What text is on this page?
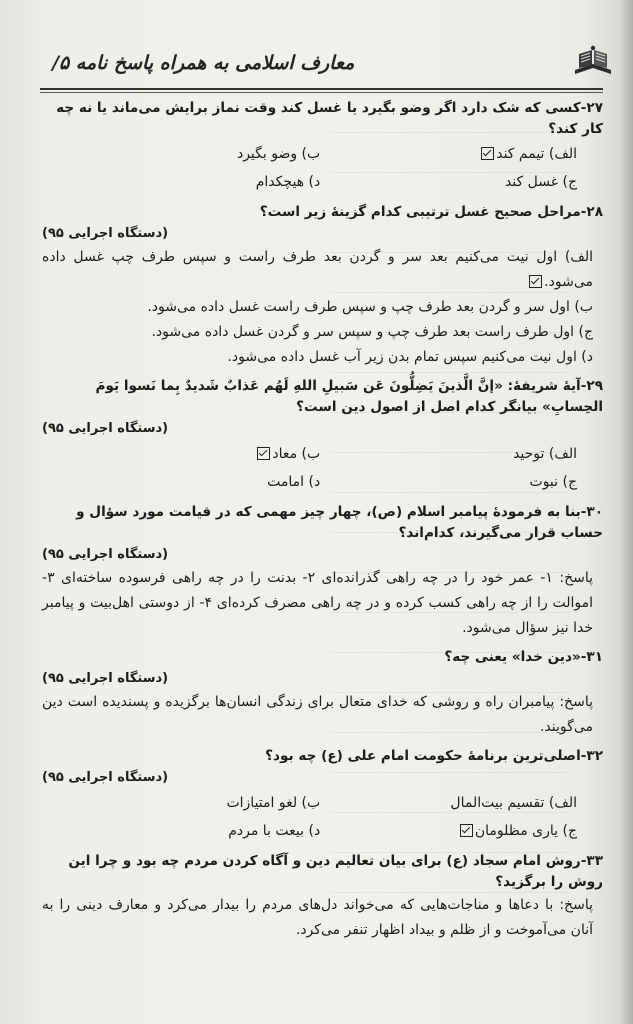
معارف اسلامی به همراه پاسخ نامه ۵/
۲۷-کسی که شک دارد اگر وضو بگیرد یا غسل کند وقت نماز برایش می‌ماند یا نه چه کار کند؟
الف) تیمم کند
ب) وضو بگیرد
ج) غسل کند
د) هیچکدام
۲۸-مراحل صحیح غسل ترتیبی کدام گزینهٔ زیر است؟
(دستگاه اجرایی ۹۵)
الف) اول نیت می‌کنیم بعد سر و گردن بعد طرف راست و سپس طرف چپ غسل داده می‌شود.
ب) اول سر و گردن بعد طرف چپ و سپس طرف راست غسل داده می‌شود.
ج) اول طرف راست بعد طرف چپ و سپس سر و گردن غسل داده می‌شود.
د) اول نیت می‌کنیم سپس تمام بدن زیر آب غسل داده می‌شود.
۲۹-آیهٔ شریفهٔ: «إنَّ الَّذینَ یَضِلُّونَ عَن سَبیلِ اللهِ لَهُم عَذابٌ شَدیدٌ بِما نَسوا یَومَ الحِسابِ» بیانگر کدام اصل از اصول دین است؟
(دستگاه اجرایی ۹۵)
الف) توحید
ب) معاد
ج) نبوت
د) امامت
۳۰-بنا به فرمودهٔ پیامبر اسلام (ص)، چهار چیز مهمی که در قیامت مورد سؤال و حساب قرار می‌گیرند، کدام‌اند؟
(دستگاه اجرایی ۹۵)
پاسخ: ۱- عمر خود را در چه راهی گذرانده‌ای ۲- بدنت را در چه راهی فرسوده ساخته‌ای ۳- اموالت را از چه راهی کسب کرده و در چه راهی مصرف کرده‌ای ۴- از دوستی اهل‌بیت و پیامبر خدا نیز سؤال می‌شود.
۳۱-«دین خدا» یعنی چه؟
(دستگاه اجرایی ۹۵)
پاسخ: پیامبران راه و روشی که خدای متعال برای زندگی انسان‌ها برگزیده و پسندیده است دین می‌گویند.
۳۲-اصلی‌ترین برنامهٔ حکومت امام علی (ع) چه بود؟
(دستگاه اجرایی ۹۵)
الف) تقسیم بیت‌المال
ب) لغو امتیازات
ج) یاری مظلومان
د) بیعت با مردم
۳۳-روش امام سجاد (ع) برای بیان تعالیم دین و آگاه کردن مردم چه بود و چرا این روش را برگزید؟
پاسخ: با دعاها و مناجات‌هایی که می‌خواند دل‌های مردم را بیدار می‌کرد و معارف دینی را به آنان می‌آموخت و از ظلم و بیداد اظهار تنفر می‌کرد.
